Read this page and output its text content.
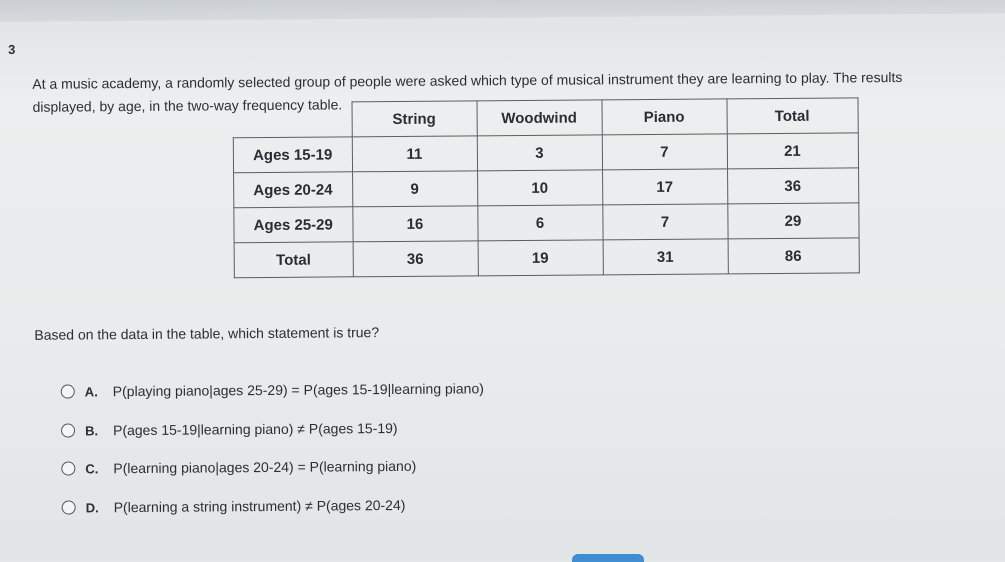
3
At a music academy, a randomly selected group of people were asked which type of musical instrument they are learning to play. The results
displayed, by age, in the two-way frequency table.
	String	Woodwind	Piano	Total
Ages 15-19	11	3	7	21
Ages 20-24	9	10	17	36
Ages 25-29	16	6	7	29
Total	36	19	31	86
Based on the data in the table, which statement is true?
A.	P(playing piano|ages 25-29) = P(ages 15-19|learning piano)
B.	P(ages 15-19|learning piano) ≠ P(ages 15-19)
C.	P(learning piano|ages 20-24) = P(learning piano)
D.	P(learning a string instrument) ≠ P(ages 20-24)
